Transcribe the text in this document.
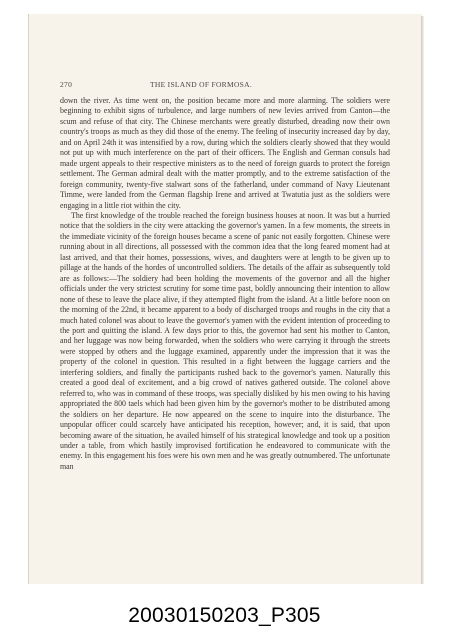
270	THE ISLAND OF FORMOSA.

down the river. As time went on, the position became more and more alarming. The soldiers were beginning to exhibit signs of turbulence, and large numbers of new levies arrived from Canton—the scum and refuse of that city. The Chinese merchants were greatly disturbed, dreading now their own country's troops as much as they did those of the enemy. The feeling of insecurity increased day by day, and on April 24th it was intensified by a row, during which the soldiers clearly showed that they would not put up with much interference on the part of their officers. The English and German consuls had made urgent appeals to their respective ministers as to the need of foreign guards to protect the foreign settlement. The German admiral dealt with the matter promptly, and to the extreme satisfaction of the foreign community, twenty-five stalwart sons of the fatherland, under command of Navy Lieutenant Timme, were landed from the German flagship Irene and arrived at Twatutia just as the soldiers were engaging in a little riot within the city.

The first knowledge of the trouble reached the foreign business houses at noon. It was but a hurried notice that the soldiers in the city were attacking the governor's yamen. In a few moments, the streets in the immediate vicinity of the foreign houses became a scene of panic not easily forgotten. Chinese were running about in all directions, all possessed with the common idea that the long feared moment had at last arrived, and that their homes, possessions, wives, and daughters were at length to be given up to pillage at the hands of the hordes of uncontrolled soldiers. The details of the affair as subsequently told are as follows:—The soldiery had been holding the movements of the governor and all the higher officials under the very strictest scrutiny for some time past, boldly announcing their intention to allow none of these to leave the place alive, if they attempted flight from the island. At a little before noon on the morning of the 22nd, it became apparent to a body of discharged troops and roughs in the city that a much hated colonel was about to leave the governor's yamen with the evident intention of proceeding to the port and quitting the island. A few days prior to this, the governor had sent his mother to Canton, and her luggage was now being forwarded, when the soldiers who were carrying it through the streets were stopped by others and the luggage examined, apparently under the impression that it was the property of the colonel in question. This resulted in a fight between the luggage carriers and the interfering soldiers, and finally the participants rushed back to the governor's yamen. Naturally this created a good deal of excitement, and a big crowd of natives gathered outside. The colonel above referred to, who was in command of these troops, was specially disliked by his men owing to his having appropriated the 800 taels which had been given him by the governor's mother to be distributed among the soldiers on her departure. He now appeared on the scene to inquire into the disturbance. The unpopular officer could scarcely have anticipated his reception, however; and, it is said, that upon becoming aware of the situation, he availed himself of his strategical knowledge and took up a position under a table, from which hastily improvised fortification he endeavored to communicate with the enemy. In this engagement his foes were his own men and he was greatly outnumbered. The unfortunate man

20030150203_P305
